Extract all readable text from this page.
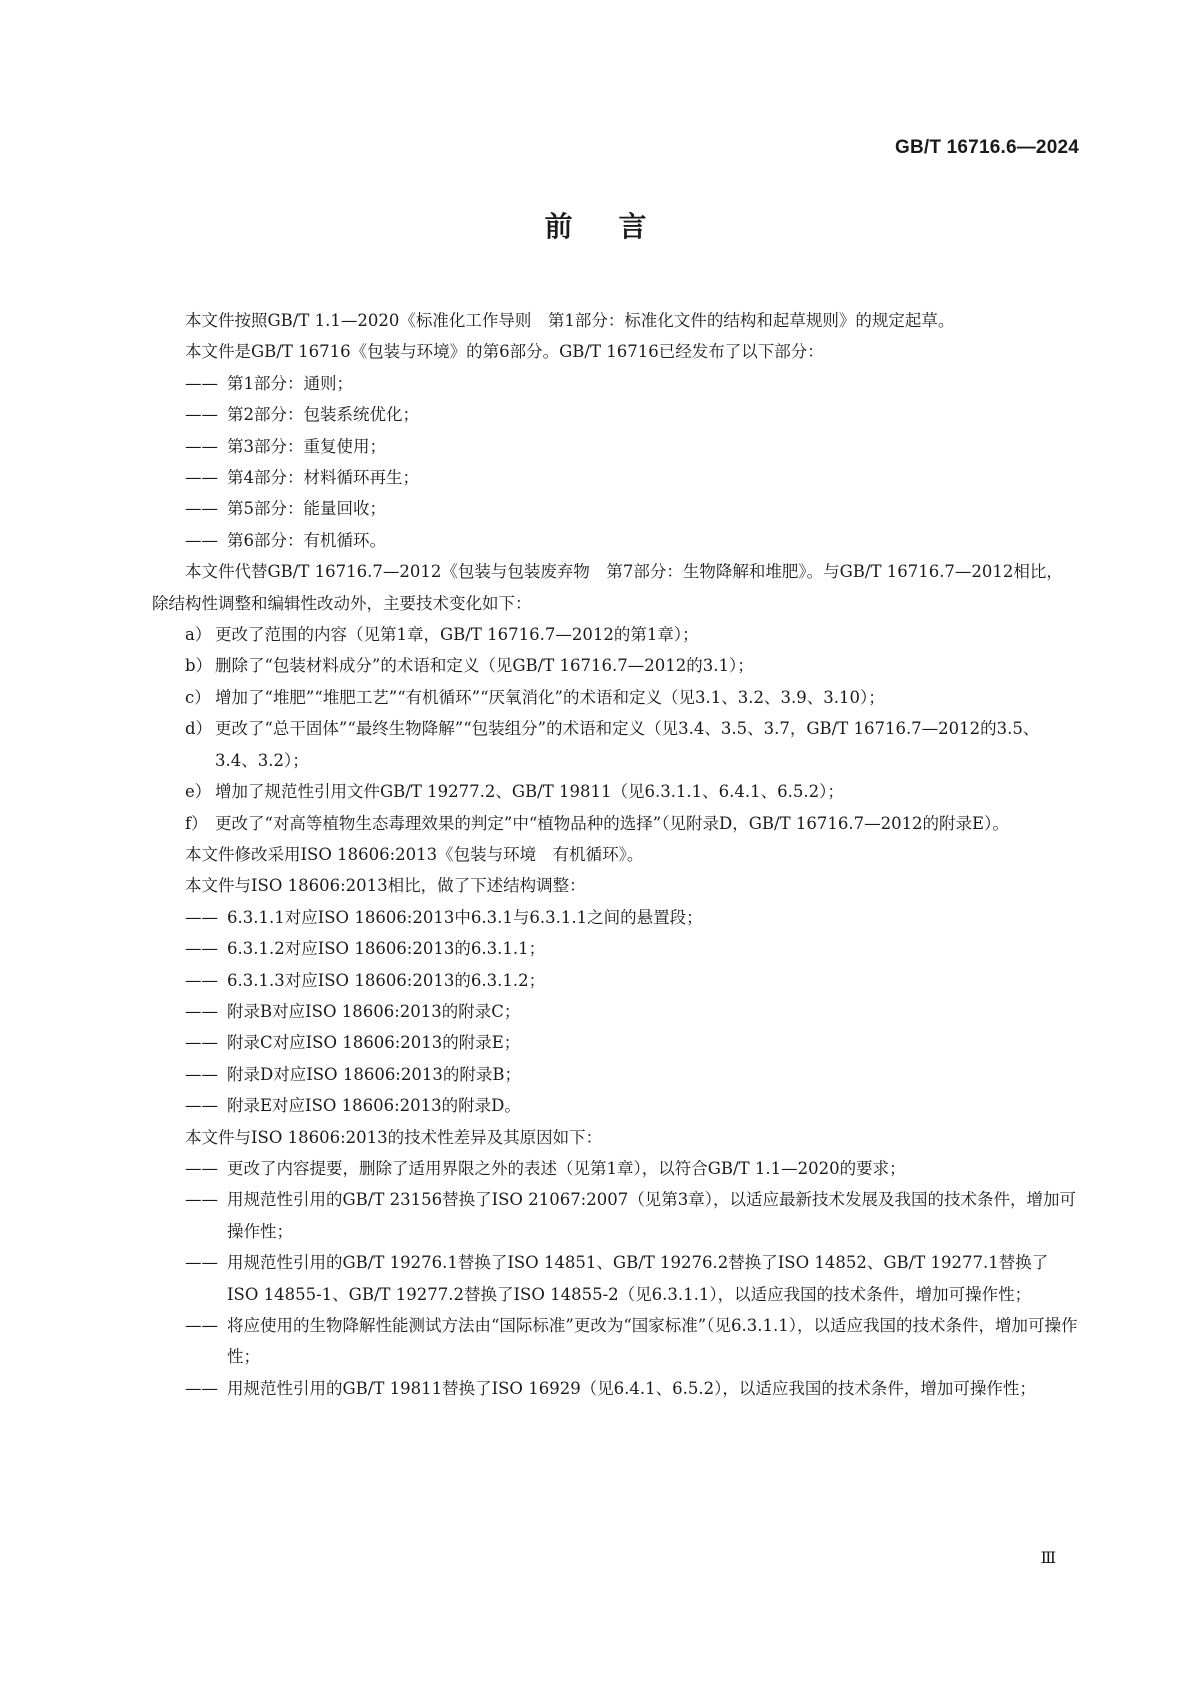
GB/T 16716.6—2024
前言

本文件按照GB/T 1.1—2020《标准化工作导则　第1部分：标准化文件的结构和起草规则》的规定起草。

本文件是GB/T 16716《包装与环境》的第6部分。GB/T 16716已经发布了以下部分：

—— 第1部分：通则；

—— 第2部分：包装系统优化；

—— 第3部分：重复使用；

—— 第4部分：材料循环再生；

—— 第5部分：能量回收；

—— 第6部分：有机循环。

本文件代替GB/T 16716.7—2012《包装与包装废弃物　第7部分：生物降解和堆肥》。与GB/T 16716.7—2012相比，除结构性调整和编辑性改动外，主要技术变化如下：

a） 更改了范围的内容（见第1章，GB/T 16716.7—2012的第1章）；

b） 删除了“包装材料成分”的术语和定义（见GB/T 16716.7—2012的3.1）；

c） 增加了“堆肥”“堆肥工艺”“有机循环”“厌氧消化”的术语和定义（见3.1、3.2、3.9、3.10）；

d） 更改了“总干固体”“最终生物降解”“包装组分”的术语和定义（见3.4、3.5、3.7，GB/T 16716.7—2012的3.5、3.4、3.2）；

e） 增加了规范性引用文件GB/T 19277.2、GB/T 19811（见6.3.1.1、6.4.1、6.5.2）；

f） 更改了“对高等植物生态毒理效果的判定”中“植物品种的选择”（见附录D，GB/T 16716.7—2012的附录E）。

本文件修改采用ISO 18606:2013《包装与环境　有机循环》。

本文件与ISO 18606:2013相比，做了下述结构调整：

—— 6.3.1.1对应ISO 18606:2013中6.3.1与6.3.1.1之间的悬置段；

—— 6.3.1.2对应ISO 18606:2013的6.3.1.1；

—— 6.3.1.3对应ISO 18606:2013的6.3.1.2；

—— 附录B对应ISO 18606:2013的附录C；

—— 附录C对应ISO 18606:2013的附录E；

—— 附录D对应ISO 18606:2013的附录B；

—— 附录E对应ISO 18606:2013的附录D。

本文件与ISO 18606:2013的技术性差异及其原因如下：

—— 更改了内容提要，删除了适用界限之外的表述（见第1章），以符合GB/T 1.1—2020的要求；

—— 用规范性引用的GB/T 23156替换了ISO 21067:2007（见第3章），以适应最新技术发展及我国的技术条件，增加可操作性；

—— 用规范性引用的GB/T 19276.1替换了ISO 14851、GB/T 19276.2替换了ISO 14852、GB/T 19277.1替换了ISO 14855-1、GB/T 19277.2替换了ISO 14855-2（见6.3.1.1），以适应我国的技术条件，增加可操作性；

—— 将应使用的生物降解性能测试方法由“国际标准”更改为“国家标准”（见6.3.1.1），以适应我国的技术条件，增加可操作性；

—— 用规范性引用的GB/T 19811替换了ISO 16929（见6.4.1、6.5.2），以适应我国的技术条件，增加可操作性；

Ⅲ
